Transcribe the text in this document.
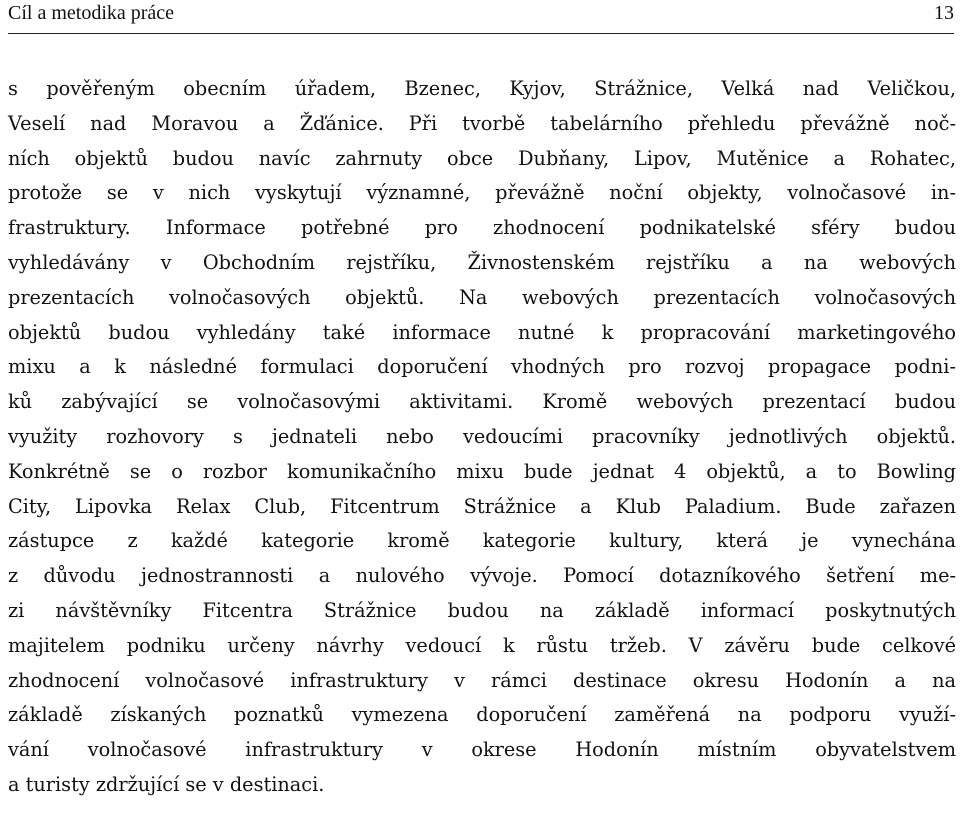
Cíl a metodika práce	13
s pověřeným obecním úřadem, Bzenec, Kyjov, Strážnice, Velká nad Veličkou,
Veselí nad Moravou a Žďánice. Při tvorbě tabelárního přehledu převážně noč-
ních objektů budou navíc zahrnuty obce Dubňany, Lipov, Mutěnice a Rohatec,
protože se v nich vyskytují významné, převážně noční objekty, volnočasové in-
frastruktury. Informace potřebné pro zhodnocení podnikatelské sféry budou
vyhledávány v Obchodním rejstříku, Živnostenském rejstříku a na webových
prezentacích volnočasových objektů. Na webových prezentacích volnočasových
objektů budou vyhledány také informace nutné k propracování marketingového
mixu a k následné formulaci doporučení vhodných pro rozvoj propagace podni-
ků zabývající se volnočasovými aktivitami. Kromě webových prezentací budou
využity rozhovory s jednateli nebo vedoucími pracovníky jednotlivých objektů.
Konkrétně se o rozbor komunikačního mixu bude jednat 4 objektů, a to Bowling
City, Lipovka Relax Club, Fitcentrum Strážnice a Klub Paladium. Bude zařazen
zástupce z každé kategorie kromě kategorie kultury, která je vynechána
z důvodu jednostrannosti a nulového vývoje. Pomocí dotazníkového šetření me-
zi návštěvníky Fitcentra Strážnice budou na základě informací poskytnutých
majitelem podniku určeny návrhy vedoucí k růstu tržeb. V závěru bude celkové
zhodnocení volnočasové infrastruktury v rámci destinace okresu Hodonín a na
základě získaných poznatků vymezena doporučení zaměřená na podporu využí-
vání volnočasové infrastruktury v okrese Hodonín místním obyvatelstvem
a turisty zdržující se v destinaci.
